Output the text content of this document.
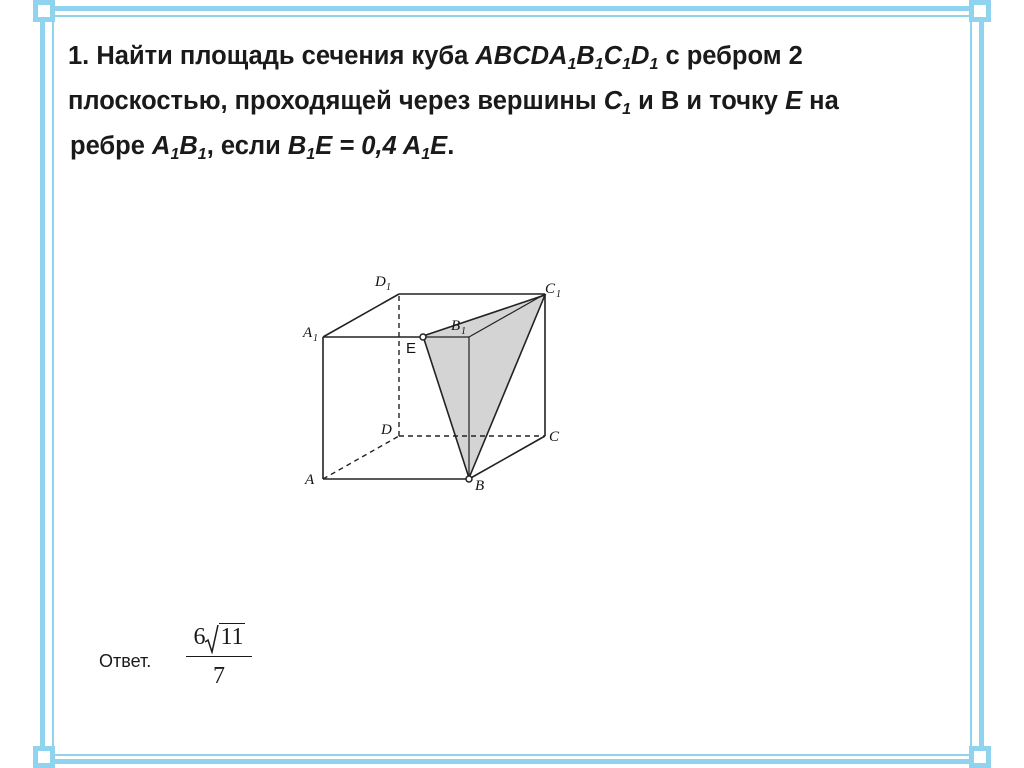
1. Найти площадь сечения куба $ABCDA_1B_1C_1D_1$ с ребром 2
плоскостью, проходящей через вершины $C_1$ и В и точку E на
ребре $A_1B_1$, если $B_1E = 0,4$ $A_1E$.
A	B
C
D
A 1
B 1
C 1
D 1
E
Ответ.
6 11
7
